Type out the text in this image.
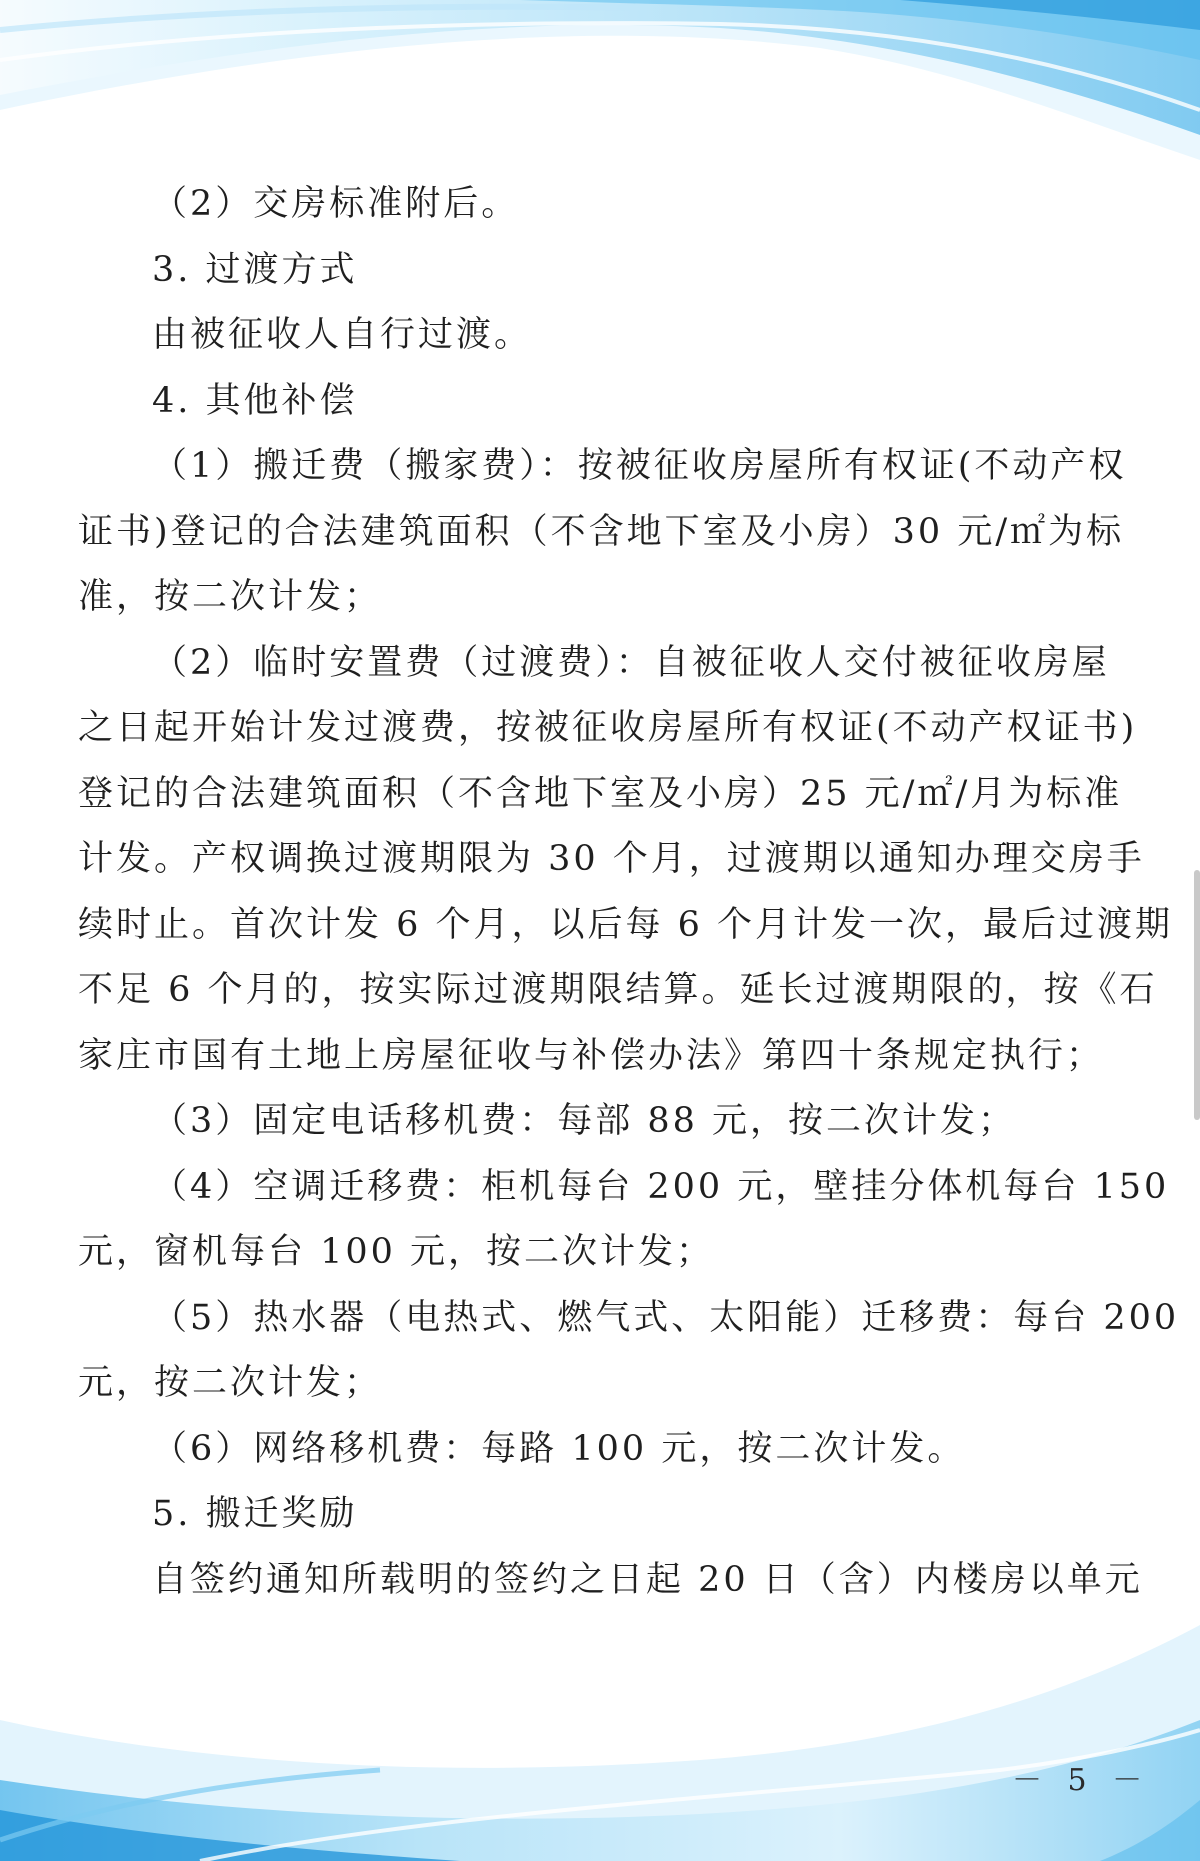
（2）交房标准附后。
3. 过渡方式
由被征收人自行过渡。
4. 其他补偿
（1）搬迁费（搬家费）：按被征收房屋所有权证(不动产权
证书)登记的合法建筑面积（不含地下室及小房）30 元/㎡为标
准，按二次计发；
（2）临时安置费（过渡费）：自被征收人交付被征收房屋
之日起开始计发过渡费，按被征收房屋所有权证(不动产权证书)
登记的合法建筑面积（不含地下室及小房）25 元/㎡/月为标准
计发。产权调换过渡期限为 30 个月，过渡期以通知办理交房手
续时止。首次计发 6 个月，以后每 6 个月计发一次，最后过渡期
不足 6 个月的，按实际过渡期限结算。延长过渡期限的，按《石
家庄市国有土地上房屋征收与补偿办法》第四十条规定执行；
（3）固定电话移机费：每部 88 元，按二次计发；
（4）空调迁移费：柜机每台 200 元，壁挂分体机每台 150
元，窗机每台 100 元，按二次计发；
（5）热水器（电热式、燃气式、太阳能）迁移费：每台 200
元，按二次计发；
（6）网络移机费：每路 100 元，按二次计发。
5. 搬迁奖励
自签约通知所载明的签约之日起 20 日（含）内楼房以单元
－ 5 －
